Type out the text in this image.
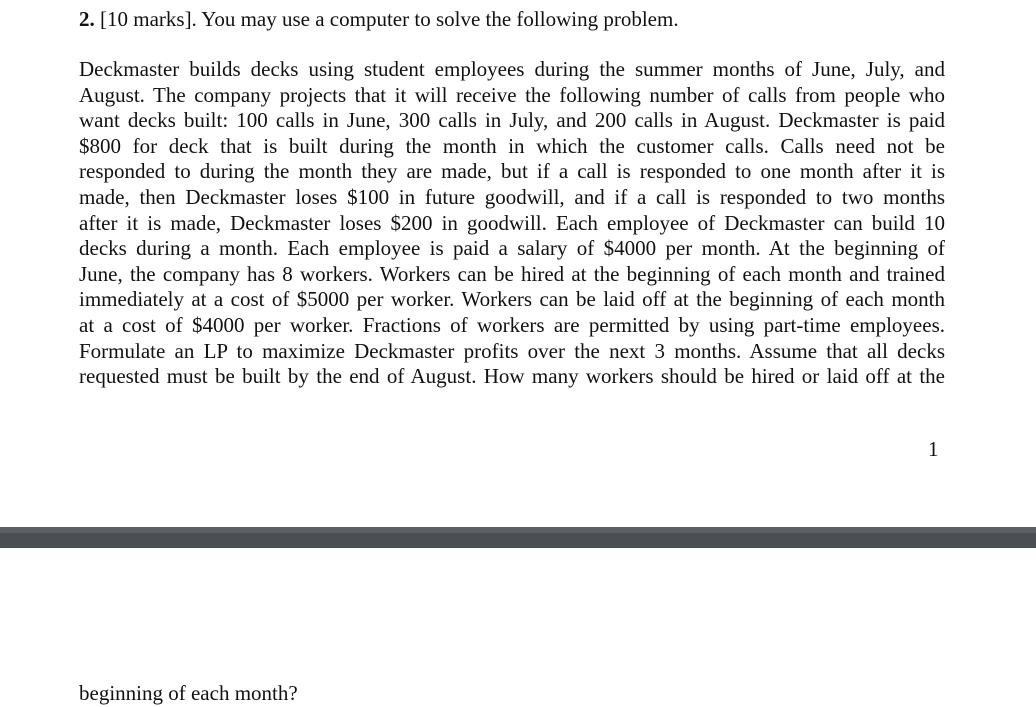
2. [10 marks]. You may use a computer to solve the following problem.
Deckmaster builds decks using student employees during the summer months of June, July, and
August. The company projects that it will receive the following number of calls from people who
want decks built: 100 calls in June, 300 calls in July, and 200 calls in August. Deckmaster is paid
$800 for deck that is built during the month in which the customer calls. Calls need not be
responded to during the month they are made, but if a call is responded to one month after it is
made, then Deckmaster loses $100 in future goodwill, and if a call is responded to two months
after it is made, Deckmaster loses $200 in goodwill. Each employee of Deckmaster can build 10
decks during a month. Each employee is paid a salary of $4000 per month. At the beginning of
June, the company has 8 workers. Workers can be hired at the beginning of each month and trained
immediately at a cost of $5000 per worker. Workers can be laid off at the beginning of each month
at a cost of $4000 per worker. Fractions of workers are permitted by using part-time employees.
Formulate an LP to maximize Deckmaster profits over the next 3 months. Assume that all decks
requested must be built by the end of August. How many workers should be hired or laid off at the
1
beginning of each month?
